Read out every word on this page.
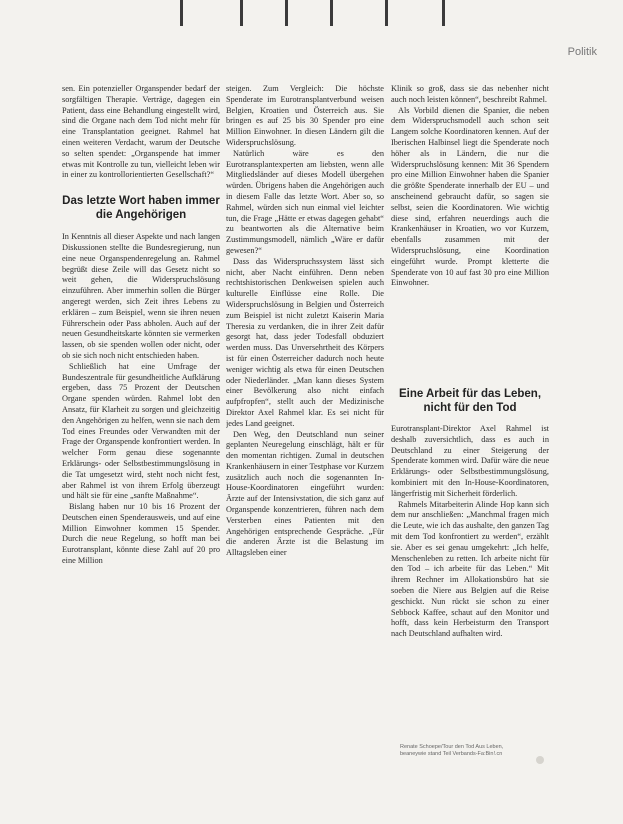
Politik

sen. Ein potenzieller Organspender bedarf der sorgfältigen Therapie. Verträge, dagegen ein Patient, dass eine Behandlung eingestellt wird, sind die Organe nach dem Tod nicht mehr für eine Transplantation geeignet. Rahmel hat einen weiteren Verdacht, warum der Deutsche so selten spendet: „Organspende hat immer etwas mit Kontrolle zu tun, vielleicht leben wir in einer zu kontrollorientierten Gesellschaft?“

Das letzte Wort haben immer die Angehörigen

In Kenntnis all dieser Aspekte und nach langen Diskussionen stellte die Bundesregierung, nun eine neue Organspendenregelung an. Rahmel begrüßt diese Zeile will das Gesetz nicht so weit gehen, die Widerspruchslösung einzuführen. Aber immerhin sollen die Bürger angeregt werden, sich Zeit ihres Lebens zu erklären – zum Beispiel, wenn sie ihren neuen Führerschein oder Pass abholen. Auch auf der neuen Gesundheitskarte könnten sie vermerken lassen, ob sie spenden wollen oder nicht, oder ob sie sich noch nicht entschieden haben.

Schließlich hat eine Umfrage der Bundeszentrale für gesundheitliche Aufklärung ergeben, dass 75 Prozent der Deutschen Organe spenden würden. Rahmel lobt den Ansatz, für Klarheit zu sorgen und gleichzeitig den Angehörigen zu helfen, wenn sie nach dem Tod eines Freundes oder Verwandten mit der Frage der Organspende konfrontiert werden. In welcher Form genau diese sogenannte Erklärungs- oder Selbstbestimmungslösung in die Tat umgesetzt wird, steht noch nicht fest, aber Rahmel ist von ihrem Erfolg überzeugt und hält sie für eine „sanfte Maßnahme“.

Bislang haben nur 10 bis 16 Prozent der Deutschen einen Spenderausweis, und auf eine Million Einwohner kommen 15 Spender. Durch die neue Regelung, so hofft man bei Eurotransplant, könnte diese Zahl auf 20 pro eine Million

steigen. Zum Vergleich: Die höchste Spenderate im Eurotransplantverbund weisen Belgien, Kroatien und Österreich aus. Sie bringen es auf 25 bis 30 Spender pro eine Million Einwohner. In diesen Ländern gilt die Widerspruchslösung.

Natürlich wäre es den Eurotransplantexperten am liebsten, wenn alle Mitgliedsländer auf dieses Modell übergehen würden. Übrigens haben die Angehörigen auch in diesem Falle das letzte Wort. Aber so, so Rahmel, würden sich nun einmal viel leichter tun, die Frage „Hätte er etwas dagegen gehabt“ zu beantworten als die Alternative beim Zustimmungsmodell, nämlich „Wäre er dafür gewesen?“

Dass das Widerspruchssystem lässt sich nicht, aber Nacht einführen. Denn neben rechtshistorischen Denkweisen spielen auch kulturelle Einflüsse eine Rolle. Die Widerspruchslösung in Belgien und Österreich zum Beispiel ist nicht zuletzt Kaiserin Maria Theresia zu verdanken, die in ihrer Zeit dafür gesorgt hat, dass jeder Todesfall obduziert werden muss. Das Unversehrtheit des Körpers ist für einen Österreicher dadurch noch heute weniger wichtig als etwa für einen Deutschen oder Niederländer. „Man kann dieses System einer Bevölkerung also nicht einfach aufpfropfen“, stellt auch der Medizinische Direktor Axel Rahmel klar. Es sei nicht für jedes Land geeignet.

Den Weg, den Deutschland nun seiner geplanten Neuregelung einschlägt, hält er für den momentan richtigen. Zumal in deutschen Krankenhäusern in einer Testphase vor Kurzem zusätzlich auch noch die sogenannten In-House-Koordinatoren eingeführt wurden: Ärzte auf der Intensivstation, die sich ganz auf Organspende konzentrieren, führen nach dem Versterben eines Patienten mit den Angehörigen entsprechende Gespräche. „Für die anderen Ärzte ist die Belastung im Alltagsleben einer

Klinik so groß, dass sie das nebenher nicht auch noch leisten können“, beschreibt Rahmel.

Als Vorbild dienen die Spanier, die neben dem Widerspruchsmodell auch schon seit Langem solche Koordinatoren kennen. Auf der Iberischen Halbinsel liegt die Spenderate noch höher als in Ländern, die nur die Widerspruchslösung kennen: Mit 36 Spendern pro eine Million Einwohner haben die Spanier die größte Spenderate innerhalb der EU – und anscheinend gebraucht dafür, so sagen sie selbst, seien die Koordinatoren. Wie wichtig diese sind, erfahren neuerdings auch die Krankenhäuser in Kroatien, wo vor Kurzem, ebenfalls zusammen mit der Widerspruchslösung, eine Koordination eingeführt wurde. Prompt kletterte die Spenderate von 10 auf fast 30 pro eine Million Einwohner.

Eine Arbeit für das Leben, nicht für den Tod

Eurotransplant-Direktor Axel Rahmel ist deshalb zuversichtlich, dass es auch in Deutschland zu einer Steigerung der Spenderate kommen wird. Dafür wäre die neue Erklärungs- oder Selbstbestimmungslösung, kombiniert mit den In-House-Koordinatoren, längerfristig mit Sicherheit förderlich.

Rahmels Mitarbeiterin Alinde Hop kann sich dem nur anschließen: „Manchmal fragen mich die Leute, wie ich das aushalte, den ganzen Tag mit dem Tod konfrontiert zu werden“, erzählt sie. Aber es sei genau umgekehrt: „Ich helfe, Menschenleben zu retten. Ich arbeite nicht für den Tod – ich arbeite für das Leben.“ Mit ihrem Rechner im Allokationsbüro hat sie soeben die Niere aus Belgien auf die Reise geschickt. Nun rückt sie schon zu einer Sebbock Kaffee, schaut auf den Monitor und hofft, dass kein Herbeisturm den Transport nach Deutschland aufhalten wird.

Renate Schoepe/Tour den Tod Aus Leben, beaneywie stand Teil Verbands-Fa:Bin!.cn
